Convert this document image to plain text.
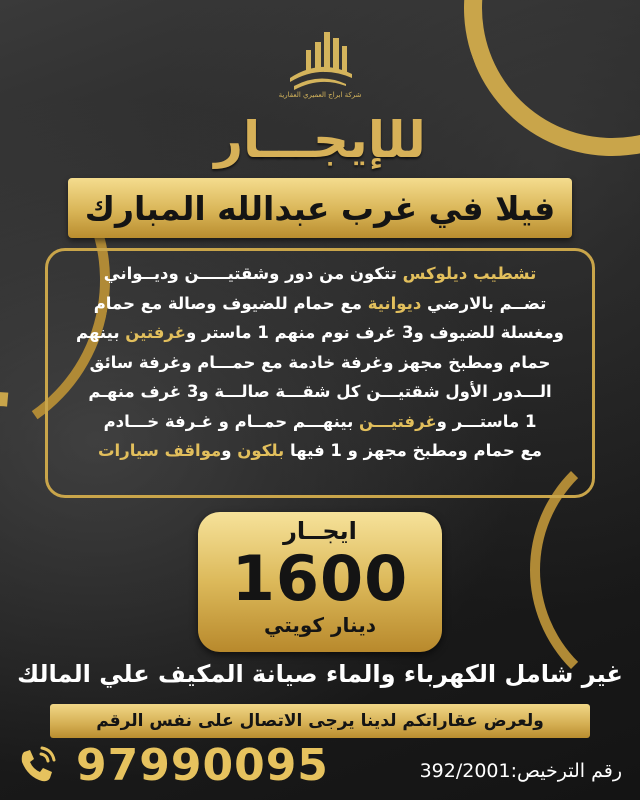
شركة ابراج العميري العقارية
للإيجـــار
فيلا في غرب عبدالله المبارك
تشطيب ديلوكس تتكون من دور وشقتيـــــن وديــواني
تضــم بالارضي ديوانية مع حمام للضيوف وصالة مع حمام
ومغسلة للضيوف و3 غرف نوم منهم 1 ماستر وغرفتين بينهم
حمام ومطبخ مجهز وغرفة خادمة مع حمـــام وغرفة سائق
الـــدور الأول شقتيـــن كل شقـــة صالـــة و3 غرف منهـم
1 ماستـــر وغرفتيـــن بينهـــم حمــام و غـرفة خـــادم
مع حمام ومطبخ مجهز و 1 فيها بلكون ومواقف سيارات
ايجــار
1600
دينار كويتي
غير شامل الكهرباء والماء صيانة المكيف علي المالك
ولعرض عقاراتكم لدينا يرجى الاتصال على نفس الرقم
97990095	رقم الترخيص:392/2001
